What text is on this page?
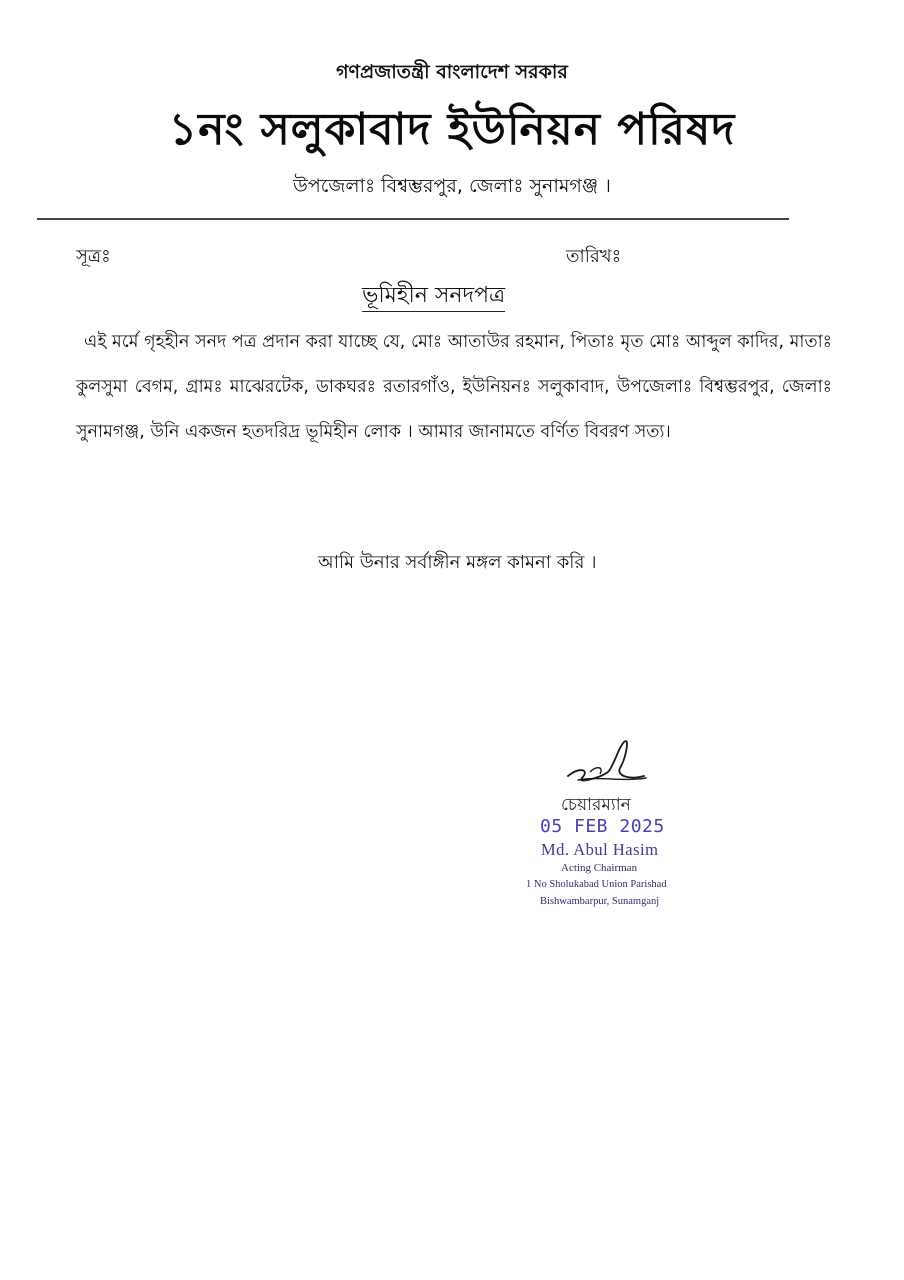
গণপ্রজাতন্ত্রী বাংলাদেশ সরকার
১নং সলুকাবাদ ইউনিয়ন পরিষদ
উপজেলাঃ বিশ্বম্ভরপুর, জেলাঃ সুনামগঞ্জ ।
সূত্রঃ	তারিখঃ
ভূমিহীন সনদপত্র
এই মর্মে গৃহহীন সনদ পত্র প্রদান করা যাচ্ছে যে, মোঃ আতাউর রহমান, পিতাঃ মৃত মোঃ আব্দুল কাদির, মাতাঃ কুলসুমা বেগম, গ্রামঃ মাঝেরটেক, ডাকঘরঃ রতারগাঁও, ইউনিয়নঃ সলুকাবাদ, উপজেলাঃ বিশ্বম্ভরপুর, জেলাঃ সুনামগঞ্জ, উনি একজন হতদরিদ্র ভূমিহীন লোক । আমার জানামতে বর্ণিত বিবরণ সত্য।
আমি উনার সর্বাঙ্গীন মঙ্গল কামনা করি ।
চেয়ারম্যান
05 FEB 2025
Md. Abul Hasim
Acting Chairman
1 No Sholukabad Union Parishad
Bishwambarpur, Sunamganj
